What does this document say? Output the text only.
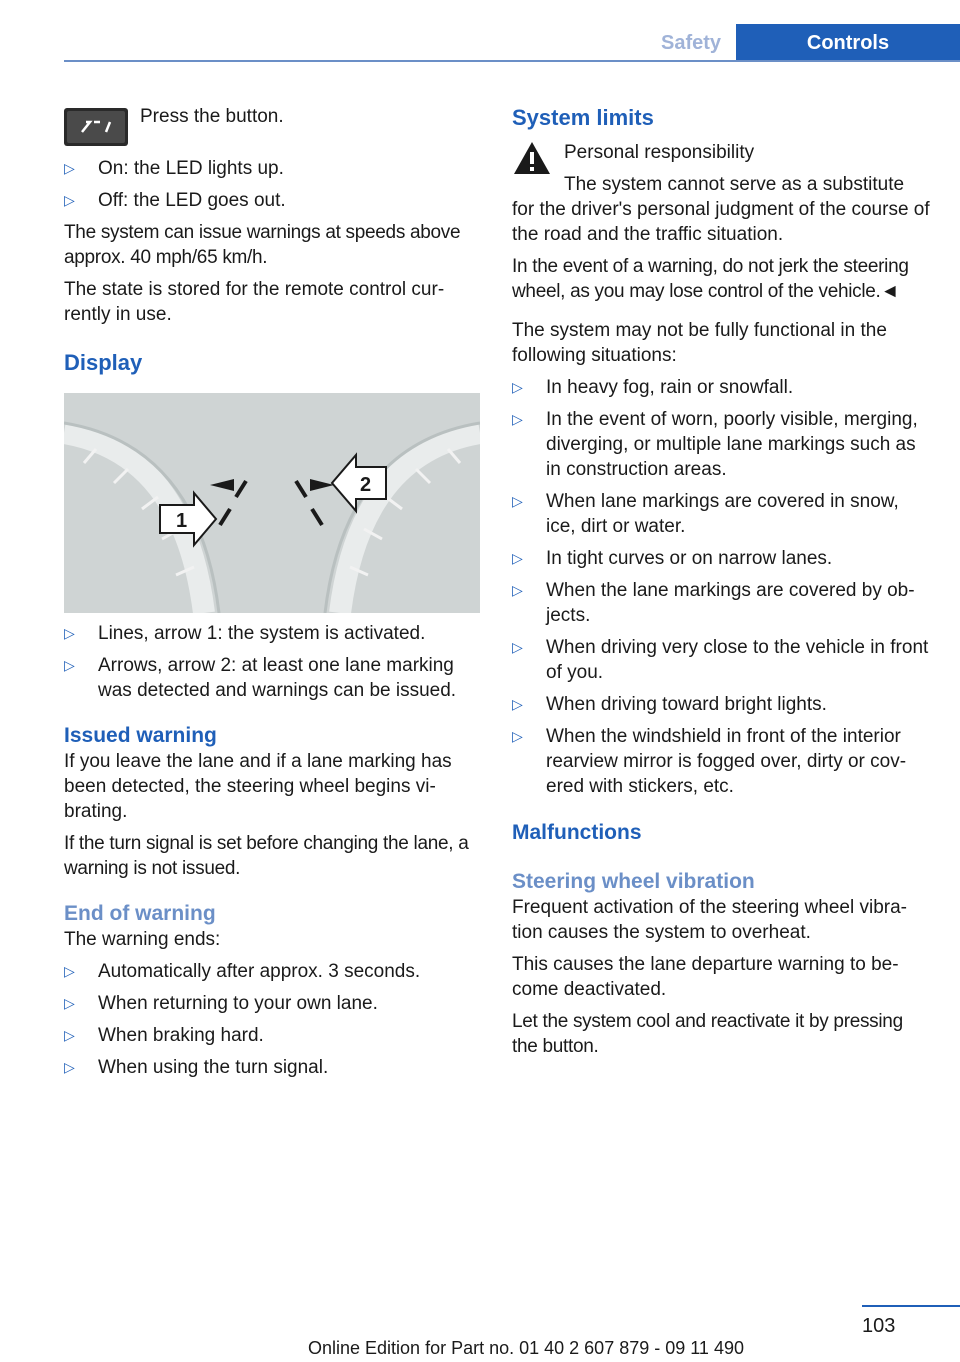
Safety	Controls
Press the button.
▷ On: the LED lights up.
▷ Off: the LED goes out.

The system can issue warnings at speeds above approx. 40 mph/65 km/h.

The state is stored for the remote control cur-rently in use.

Display
1
2
▷ Lines, arrow 1: the system is activated.
▷ Arrows, arrow 2: at least one lane marking was detected and warnings can be issued.
Issued warning

If you leave the lane and if a lane marking has been detected, the steering wheel begins vi-brating.

If the turn signal is set before changing the lane, a warning is not issued.

End of warning

The warning ends:

▷ Automatically after approx. 3 seconds.
▷ When returning to your own lane.
▷ When braking hard.
▷ When using the turn signal.
System limits
Personal responsibility

The system cannot serve as a substitute for the driver's personal judgment of the course of the road and the traffic situation.

In the event of a warning, do not jerk the steering wheel, as you may lose control of the vehicle.◄

The system may not be fully functional in the following situations:

▷ In heavy fog, rain or snowfall.
▷ In the event of worn, poorly visible, merging, diverging, or multiple lane markings such as in construction areas.
▷ When lane markings are covered in snow, ice, dirt or water.
▷ In tight curves or on narrow lanes.
▷ When the lane markings are covered by ob-jects.
▷ When driving very close to the vehicle in front of you.
▷ When driving toward bright lights.
▷ When the windshield in front of the interior rearview mirror is fogged over, dirty or cov-ered with stickers, etc.
Malfunctions
Steering wheel vibration

Frequent activation of the steering wheel vibra-tion causes the system to overheat.

This causes the lane departure warning to be-come deactivated.

Let the system cool and reactivate it by pressing the button.

103
Online Edition for Part no. 01 40 2 607 879 - 09 11 490
